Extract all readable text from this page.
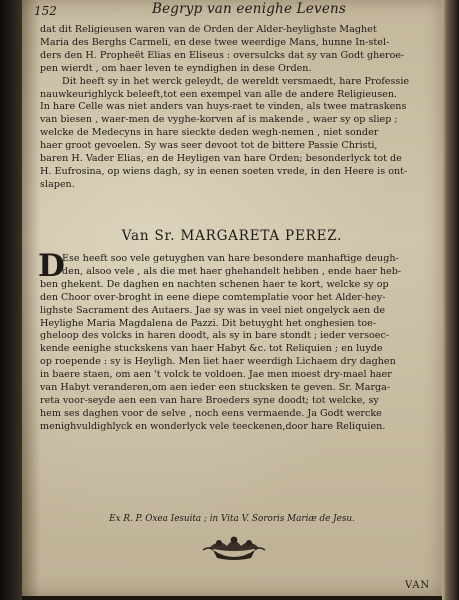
152	Begryp van eenighe Levens
dat dit Religieusen waren van de Orden der Alder-heylighste Maghet
Maria des Berghs Carmeli, en dese twee weerdige Mans, hunne In-stel-
ders den H. Propheët Elias en Eliseus : oversulcks dat sy van Godt gheroe-
pen wierdt , om haer leven te eyndighen in dese Orden.
Dit heeft sy in het werck geleydt, de wereldt versmaedt, hare Professie
nauwkeurighlyck beleeft,tot een exempel van alle de andere Religieusen.
In hare Celle was niet anders van huys-raet te vinden, als twee matraskens
van biesen , waer-men de vyghe-korven af is makende , waer sy op sliep ;
welcke de Medecyns in hare sieckte deden wegh-nemen , niet sonder
haer groot gevoelen. Sy was seer devoot tot de bittere Passie Christi,
baren H. Vader Elias, en de Heyligen van hare Orden; besonderlyck tot de
H. Eufrosina, op wiens dagh, sy in eenen soeten vrede, in den Heere is ont-
slapen.
Van Sr. MARGARETA PEREZ.
D
Ese heeft soo vele getuyghen van hare besondere manhaftige deugh-
den, alsoo vele , als die met haer ghehandelt hebben , ende haer heb-
ben ghekent. De daghen en nachten schenen haer te kort, welcke sy op
den Choor over-broght in eene diepe comtemplatie voor het Alder-hey-
lighste Sacrament des Autaers. Jae sy was in veel niet ongelyck aen de
Heylighe Maria Magdalena de Pazzi. Dit betuyght het onghesien toe-
gheloop des volcks in haren doodt, als sy in bare stondt ; ieder versoec-
kende eenighe stuckskens van haer Habyt &c. tot Reliquien ; en luyde
op roepende : sy is Heyligh. Men liet haer weerdigh Lichaem dry daghen
in baere staen, om aen 't volck te voldoen. Jae men moest dry-mael haer
van Habyt veranderen,om aen ieder een stucksken te geven. Sr. Marga-
reta voor-seyde aen een van hare Broeders syne doodt; tot welcke, sy
hem ses daghen voor de selve , noch eens vermaende. Ja Godt wercke
menighvuldighlyck en wonderlyck vele teeckenen,door hare Reliquien.
Ex R. P. Oxea Iesuita ; in Vita V. Sororis Mariæ de Jesu.
VAN
